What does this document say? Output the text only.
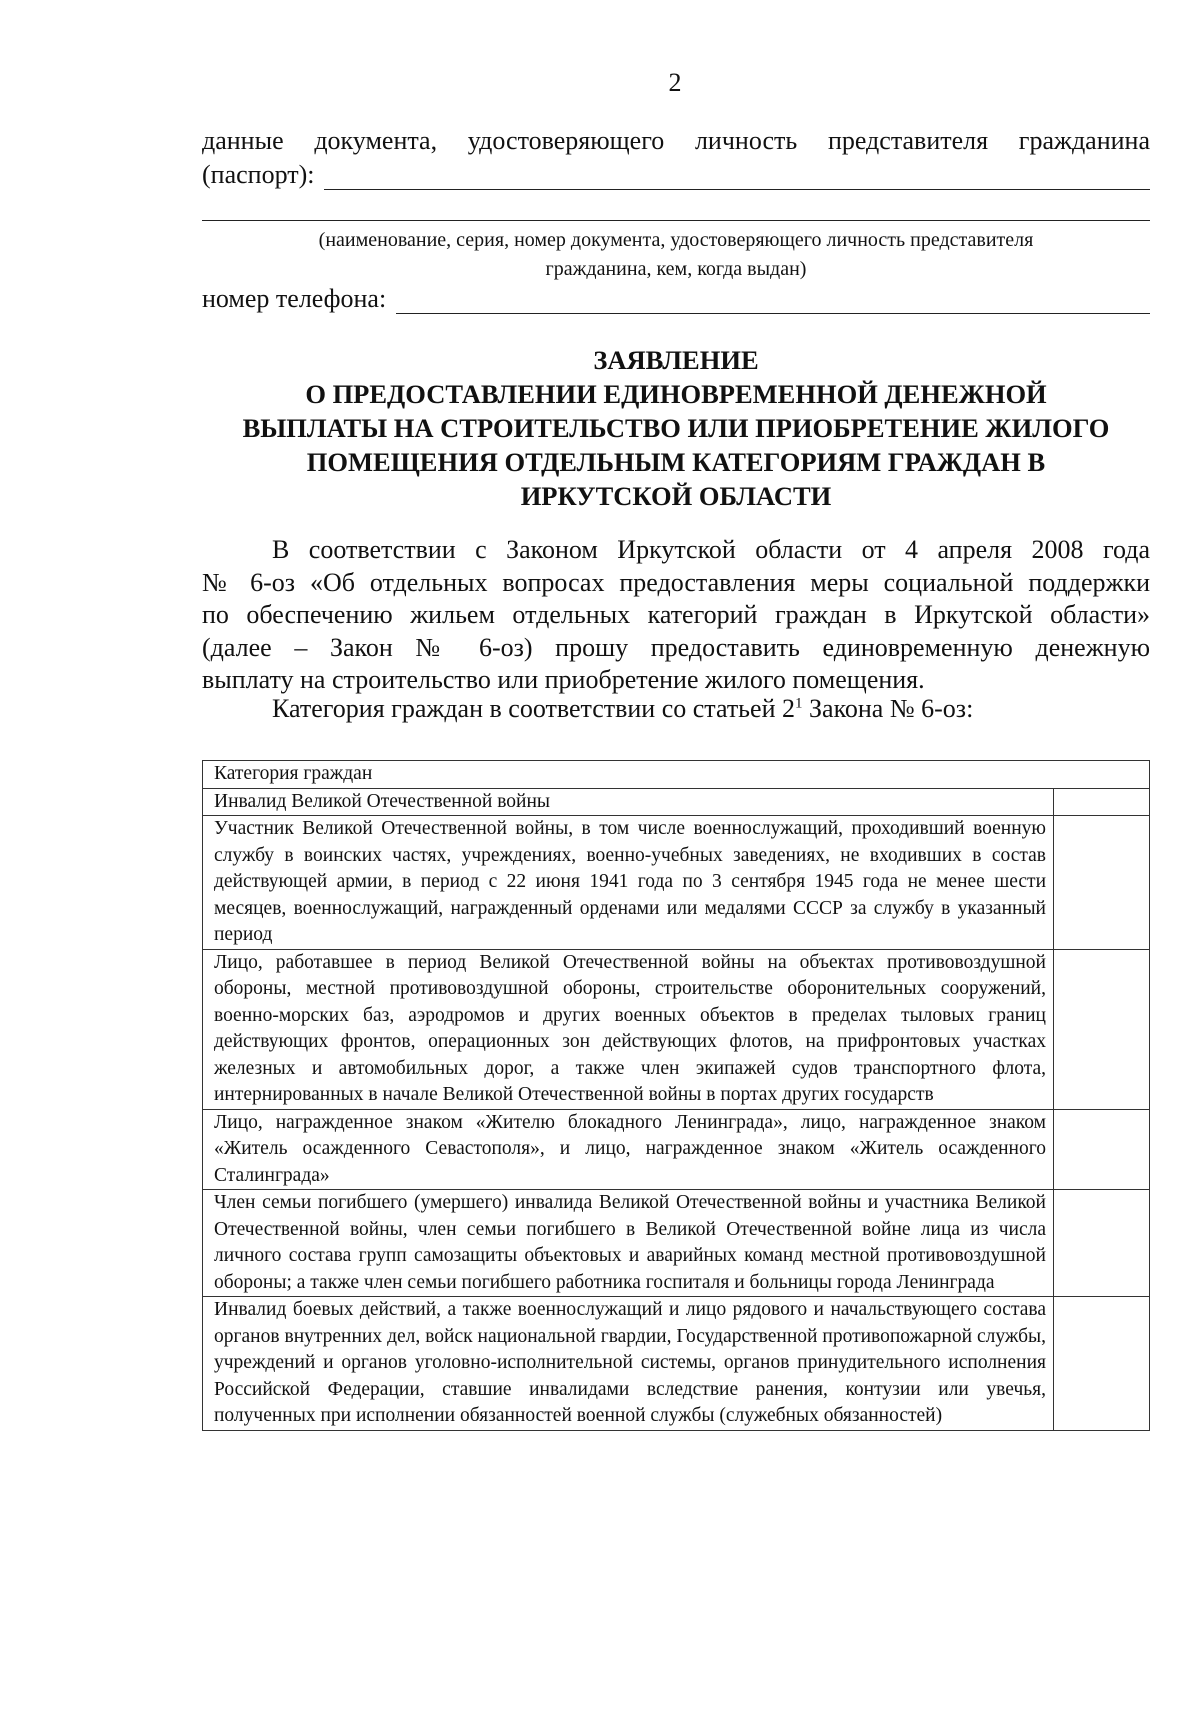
2
данные документа, удостоверяющего личность представителя гражданина
(паспорт):
(наименование, серия, номер документа, удостоверяющего личность представителя
гражданина, кем, когда выдан)
номер телефона:
ЗАЯВЛЕНИЕ
О ПРЕДОСТАВЛЕНИИ ЕДИНОВРЕМЕННОЙ ДЕНЕЖНОЙ
ВЫПЛАТЫ НА СТРОИТЕЛЬСТВО ИЛИ ПРИОБРЕТЕНИЕ ЖИЛОГО
ПОМЕЩЕНИЯ ОТДЕЛЬНЫМ КАТЕГОРИЯМ ГРАЖДАН В
ИРКУТСКОЙ ОБЛАСТИ
В соответствии с Законом Иркутской области от 4 апреля 2008 года
№ 6-оз «Об отдельных вопросах предоставления меры социальной поддержки
по обеспечению жильем отдельных категорий граждан в Иркутской области»
(далее – Закон № 6-оз) прошу предоставить единовременную денежную
выплату на строительство или приобретение жилого помещения.
Категория граждан в соответствии со статьей $2^1$ Закона № 6-оз:
Категория граждан	
Инвалид Великой Отечественной войны	
Участник Великой Отечественной войны, в том числе военнослужащий, проходивший военную службу в воинских частях, учреждениях, военно-учебных заведениях, не входивших в состав действующей армии, в период с 22 июня 1941 года по 3 сентября 1945 года не менее шести месяцев, военнослужащий, награжденный орденами или медалями СССР за службу в указанный период	
Лицо, работавшее в период Великой Отечественной войны на объектах противовоздушной обороны, местной противовоздушной обороны, строительстве оборонительных сооружений, военно-морских баз, аэродромов и других военных объектов в пределах тыловых границ действующих фронтов, операционных зон действующих флотов, на прифронтовых участках железных и автомобильных дорог, а также член экипажей судов транспортного флота, интернированных в начале Великой Отечественной войны в портах других государств	
Лицо, награжденное знаком «Жителю блокадного Ленинграда», лицо, награжденное знаком «Житель осажденного Севастополя», и лицо, награжденное знаком «Житель осажденного Сталинграда»	
Член семьи погибшего (умершего) инвалида Великой Отечественной войны и участника Великой Отечественной войны, член семьи погибшего в Великой Отечественной войне лица из числа личного состава групп самозащиты объектовых и аварийных команд местной противовоздушной обороны; а также член семьи погибшего работника госпиталя и больницы города Ленинграда	
Инвалид боевых действий, а также военнослужащий и лицо рядового и начальствующего состава органов внутренних дел, войск национальной гвардии, Государственной противопожарной службы, учреждений и органов уголовно-исполнительной системы, органов принудительного исполнения Российской Федерации, ставшие инвалидами вследствие ранения, контузии или увечья, полученных при исполнении обязанностей военной службы (служебных обязанностей)	
